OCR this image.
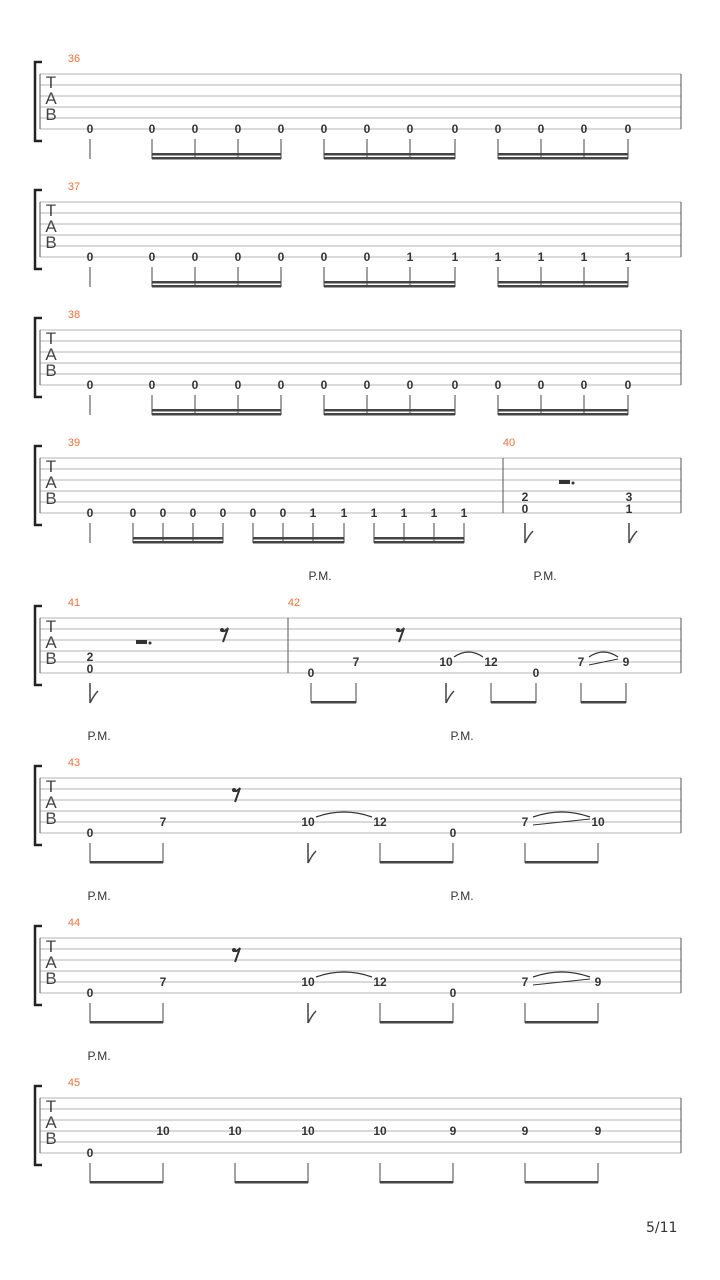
T
A
B
36
0	0	0	0	0	0	0	0	0	0	0	0	0
T
A
B
37
0	0	0	0	0	0	0	1	1	1	1	1	1
T
A
B
38
0	0	0	0	0	0	0	0	0	0	0	0	0
T
A
B
39
0	0 0 0 0 0 0 1 1 1 1 1 1
40
2
0
3
1
T
A
B
P.M.	P.M.
41
2
0
42
0
7	10	12
0
7	9
T
A
B
P.M.	P.M.
43
0
7	10	12
0
7	10
T
A
B
P.M.	P.M.
44
0
7	10	12
0
7	9
T
A
B
P.M.
45
0
10	10	10	10	9	9	9
5/11
